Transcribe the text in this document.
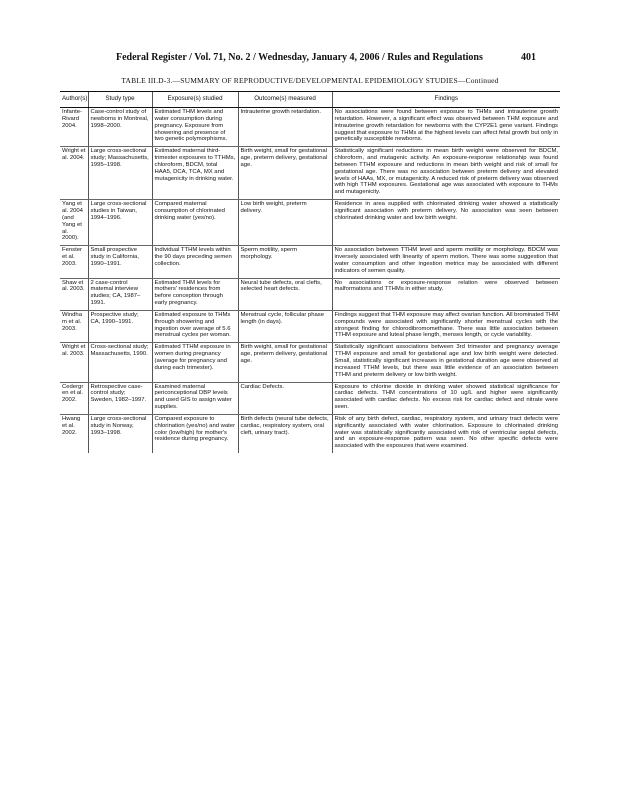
Federal Register / Vol. 71, No. 2 / Wednesday, January 4, 2006 / Rules and Regulations	401
TABLE III.D-3.—SUMMARY OF REPRODUCTIVE/DEVELOPMENTAL EPIDEMIOLOGY STUDIES—Continued
Author(s)	Study type	Exposure(s) studied	Outcome(s) measured	Findings
Infante-Rivard 2004.	Case-control study of newborns in Montreal, 1998–2000.	Estimated THM levels and water consumption during pregnancy. Exposure from showering and presence of two genetic polymorphisms.	Intrauterine growth retardation.	No associations were found between exposure to THMs and intrauterine growth retardation. However, a significant effect was observed between THM exposure and intrauterine growth retardation for newborns with the CYP2E1 gene variant. Findings suggest that exposure to THMs at the highest levels can affect fetal growth but only in genetically susceptible newborns.
Wright et al. 2004.	Large cross-sectional study; Massachusetts, 1995–1998.	Estimated maternal third-trimester exposures to TTHMs, chloroform, BDCM, total HAA5, DCA, TCA, MX and mutagenicity in drinking water.	Birth weight, small for gestational age, preterm delivery, gestational age.	Statistically significant reductions in mean birth weight were observed for BDCM, chloroform, and mutagenic activity. An exposure-response relationship was found between TTHM exposure and reductions in mean birth weight and risk of small for gestational age. There was no association between preterm delivery and elevated levels of HAAs, MX, or mutagenicity. A reduced risk of preterm delivery was observed with high TTHM exposures. Gestational age was associated with exposure to THMs and mutagenicity.
Yang et al. 2004 (and Yang et al. 2000).	Large cross-sectional studies in Taiwan, 1994–1996.	Compared maternal consumption of chlorinated drinking water (yes/no).	Low birth weight, preterm delivery.	Residence in area supplied with chlorinated drinking water showed a statistically significant association with preterm delivery. No association was seen between chlorinated drinking water and low birth weight.
Fenster et al. 2003.	Small prospective study in California, 1990–1991.	Individual TTHM levels within the 90 days preceding semen collection.	Sperm motility, sperm morphology.	No association between TTHM level and sperm motility or morphology. BDCM was inversely associated with linearity of sperm motion. There was some suggestion that water consumption and other ingestion metrics may be associated with different indicators of semen quality.
Shaw et al. 2003.	2 case-control matemal interview studies; CA, 1987–1991.	Estimated THM levels for mothers' residences from before conception through early pregnancy.	Neural tube defects, oral clefts, selected heart defects.	No associations or exposure-response relation were observed between malformations and TTHMs in either study.
Windham et al. 2003.	Prospective study; CA, 1990–1991.	Estimated exposure to THMs through showering and ingestion over average of 5.6 menstrual cycles per woman.	Menstrual cycle, follicular phase length (in days).	Findings suggest that THM exposure may affect ovarian function. All brominated THM compounds were associated with significantly shorter menstrual cycles with the strongest finding for chlorodibromomethane. There was little association between TTHM exposure and luteal phase length, menses length, or cycle variability.
Wright et al. 2003.	Cross-sectional study; Massachusetts, 1990.	Estimated TTHM exposure in women during pregnancy (average for pregnancy and during each trimester).	Birth weight, small for gestational age, preterm delivery, gestational age.	Statistically significant associations between 3rd trimester and pregnancy average TTHM exposure and small for gestational age and low birth weight were detected. Small, statistically significant increases in gestational duration age were observed at increased TTHM levels, but there was little evidence of an association between TTHM and preterm delivery or low birth weight.
Cedergren et al. 2002.	Retrospective case-control study; Sweden, 1982–1997.	Examined maternal periconceptional DBP levels and used GIS to assign water supplies.	Cardiac Defects.	Exposure to chlorine dioxide in drinking water showed statistical significance for cardiac defects. THM concentrations of 10 ug/L and higher were significantly associated with cardiac defects. No excess risk for cardiac defect and nitrate were seen.
Hwang et al. 2002.	Large cross-sectional study in Norway, 1993–1998.	Compared exposure to chlorination (yes/no) and water color (low/high) for mother's residence during pregnancy.	Birth defects (neural tube defects, cardiac, respiratory system, oral cleft, urinary tract).	Risk of any birth defect, cardiac, respiratory system, and urinary tract defects were significantly associated with water chlorination. Exposure to chlorinated drinking water was statistically significantly associated with risk of ventricular septal defects, and an exposure-response pattern was seen. No other specific defects were associated with the exposures that were examined.
